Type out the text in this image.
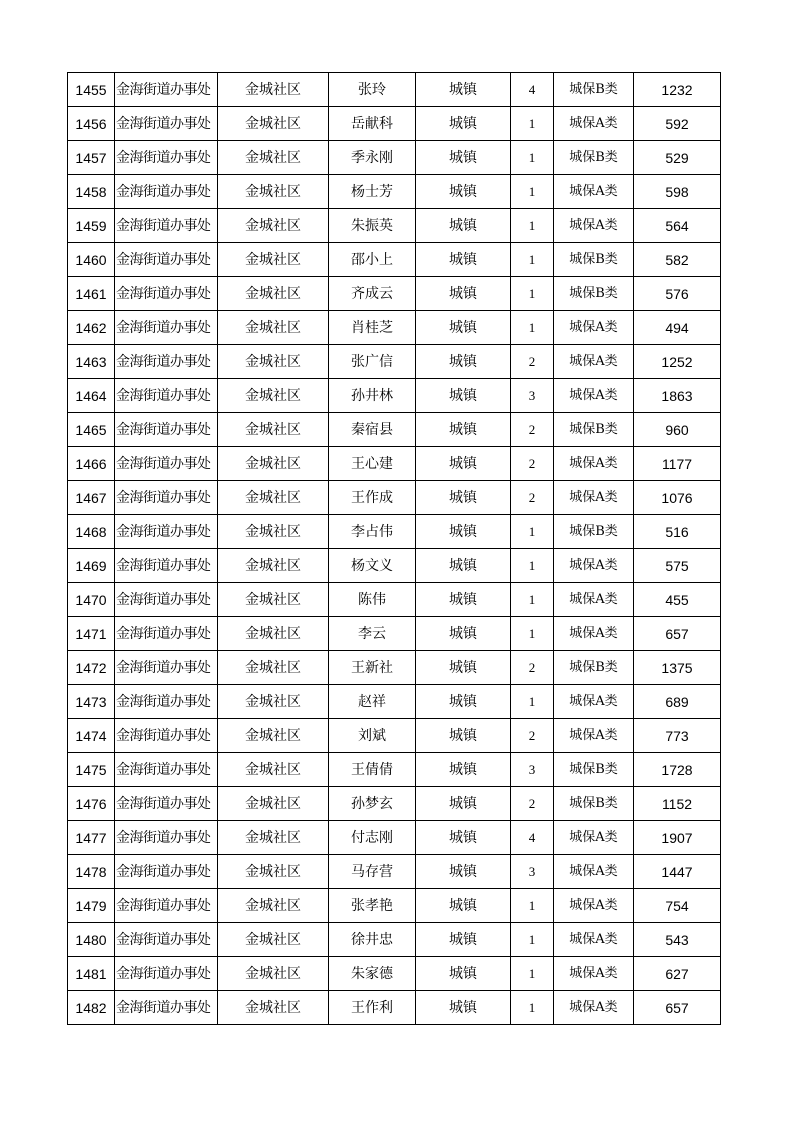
1455	金海街道办事处	金城社区	张玲	城镇	4	城保B类	1232
1456	金海街道办事处	金城社区	岳献科	城镇	1	城保A类	592
1457	金海街道办事处	金城社区	季永刚	城镇	1	城保B类	529
1458	金海街道办事处	金城社区	杨士芳	城镇	1	城保A类	598
1459	金海街道办事处	金城社区	朱振英	城镇	1	城保A类	564
1460	金海街道办事处	金城社区	邵小上	城镇	1	城保B类	582
1461	金海街道办事处	金城社区	齐成云	城镇	1	城保B类	576
1462	金海街道办事处	金城社区	肖桂芝	城镇	1	城保A类	494
1463	金海街道办事处	金城社区	张广信	城镇	2	城保A类	1252
1464	金海街道办事处	金城社区	孙井林	城镇	3	城保A类	1863
1465	金海街道办事处	金城社区	秦宿县	城镇	2	城保B类	960
1466	金海街道办事处	金城社区	王心建	城镇	2	城保A类	1177
1467	金海街道办事处	金城社区	王作成	城镇	2	城保A类	1076
1468	金海街道办事处	金城社区	李占伟	城镇	1	城保B类	516
1469	金海街道办事处	金城社区	杨文义	城镇	1	城保A类	575
1470	金海街道办事处	金城社区	陈伟	城镇	1	城保A类	455
1471	金海街道办事处	金城社区	李云	城镇	1	城保A类	657
1472	金海街道办事处	金城社区	王新社	城镇	2	城保B类	1375
1473	金海街道办事处	金城社区	赵祥	城镇	1	城保A类	689
1474	金海街道办事处	金城社区	刘斌	城镇	2	城保A类	773
1475	金海街道办事处	金城社区	王倩倩	城镇	3	城保B类	1728
1476	金海街道办事处	金城社区	孙梦玄	城镇	2	城保B类	1152
1477	金海街道办事处	金城社区	付志刚	城镇	4	城保A类	1907
1478	金海街道办事处	金城社区	马存营	城镇	3	城保A类	1447
1479	金海街道办事处	金城社区	张孝艳	城镇	1	城保A类	754
1480	金海街道办事处	金城社区	徐井忠	城镇	1	城保A类	543
1481	金海街道办事处	金城社区	朱家德	城镇	1	城保A类	627
1482	金海街道办事处	金城社区	王作利	城镇	1	城保A类	657
